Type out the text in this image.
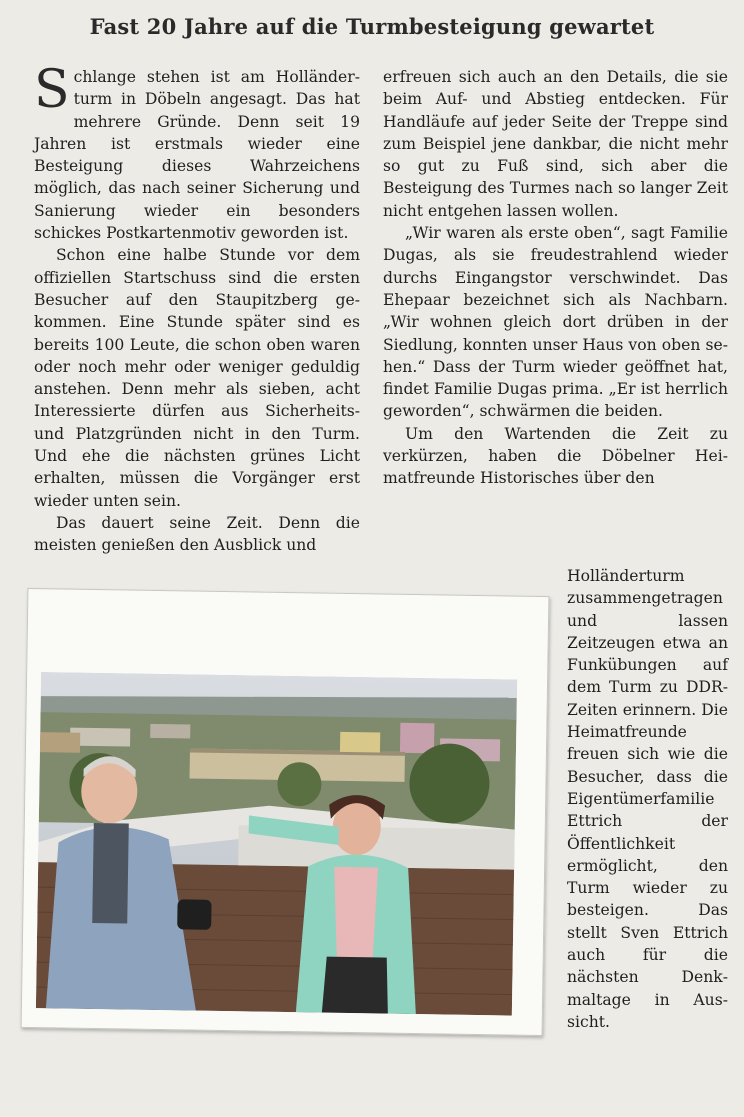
Fast 20 Jahre auf die Turmbesteigung gewartet

Schlange stehen ist am Holländerturm in Döbeln angesagt. Das hat mehrere Gründe. Denn seit 19 Jahren ist erstmals wieder eine Besteigung dieses Wahrzeichens möglich, das nach seiner Sicherung und Sanierung wieder ein besonders schickes Postkartenmotiv geworden ist.

Schon eine halbe Stunde vor dem offiziellen Startschuss sind die ersten Besucher auf den Staupitzberg gekommen. Eine Stunde später sind es bereits 100 Leute, die schon oben waren oder noch mehr oder weniger geduldig anstehen. Denn mehr als sieben, acht Interessierte dürfen aus Sicherheits- und Platzgründen nicht in den Turm. Und ehe die nächsten grünes Licht erhalten, müssen die Vorgänger erst wieder unten sein.

Das dauert seine Zeit. Denn die meisten genießen den Ausblick und

erfreuen sich auch an den Details, die sie beim Auf- und Abstieg entdecken. Für Handläufe auf jeder Seite der Treppe sind zum Beispiel jene dankbar, die nicht mehr so gut zu Fuß sind, sich aber die Besteigung des Turmes nach so langer Zeit nicht entgehen lassen wollen.

„Wir waren als erste oben“, sagt Familie Dugas, als sie freudestrahlend wieder durchs Eingangstor verschwindet. Das Ehepaar bezeichnet sich als Nachbarn. „Wir wohnen gleich dort drüben in der Siedlung, konnten unser Haus von oben sehen.“ Dass der Turm wieder geöffnet hat, findet Familie Dugas prima. „Er ist herrlich geworden“, schwärmen die beiden.

Um den Wartenden die Zeit zu verkürzen, haben die Döbelner Heimatfreunde Historisches über den

Holländerturm zusammengetragen und lassen Zeitzeugen etwa an Funkübungen auf dem Turm zu DDR-Zeiten erinnern. Die Heimatfreunde freuen sich wie die Besucher, dass die Eigentümerfamilie Ettrich der Öffentlichkeit ermöglicht, den Turm wieder zu besteigen. Das stellt Sven Ettrich auch für die nächsten Denkmaltage in Aussicht.
